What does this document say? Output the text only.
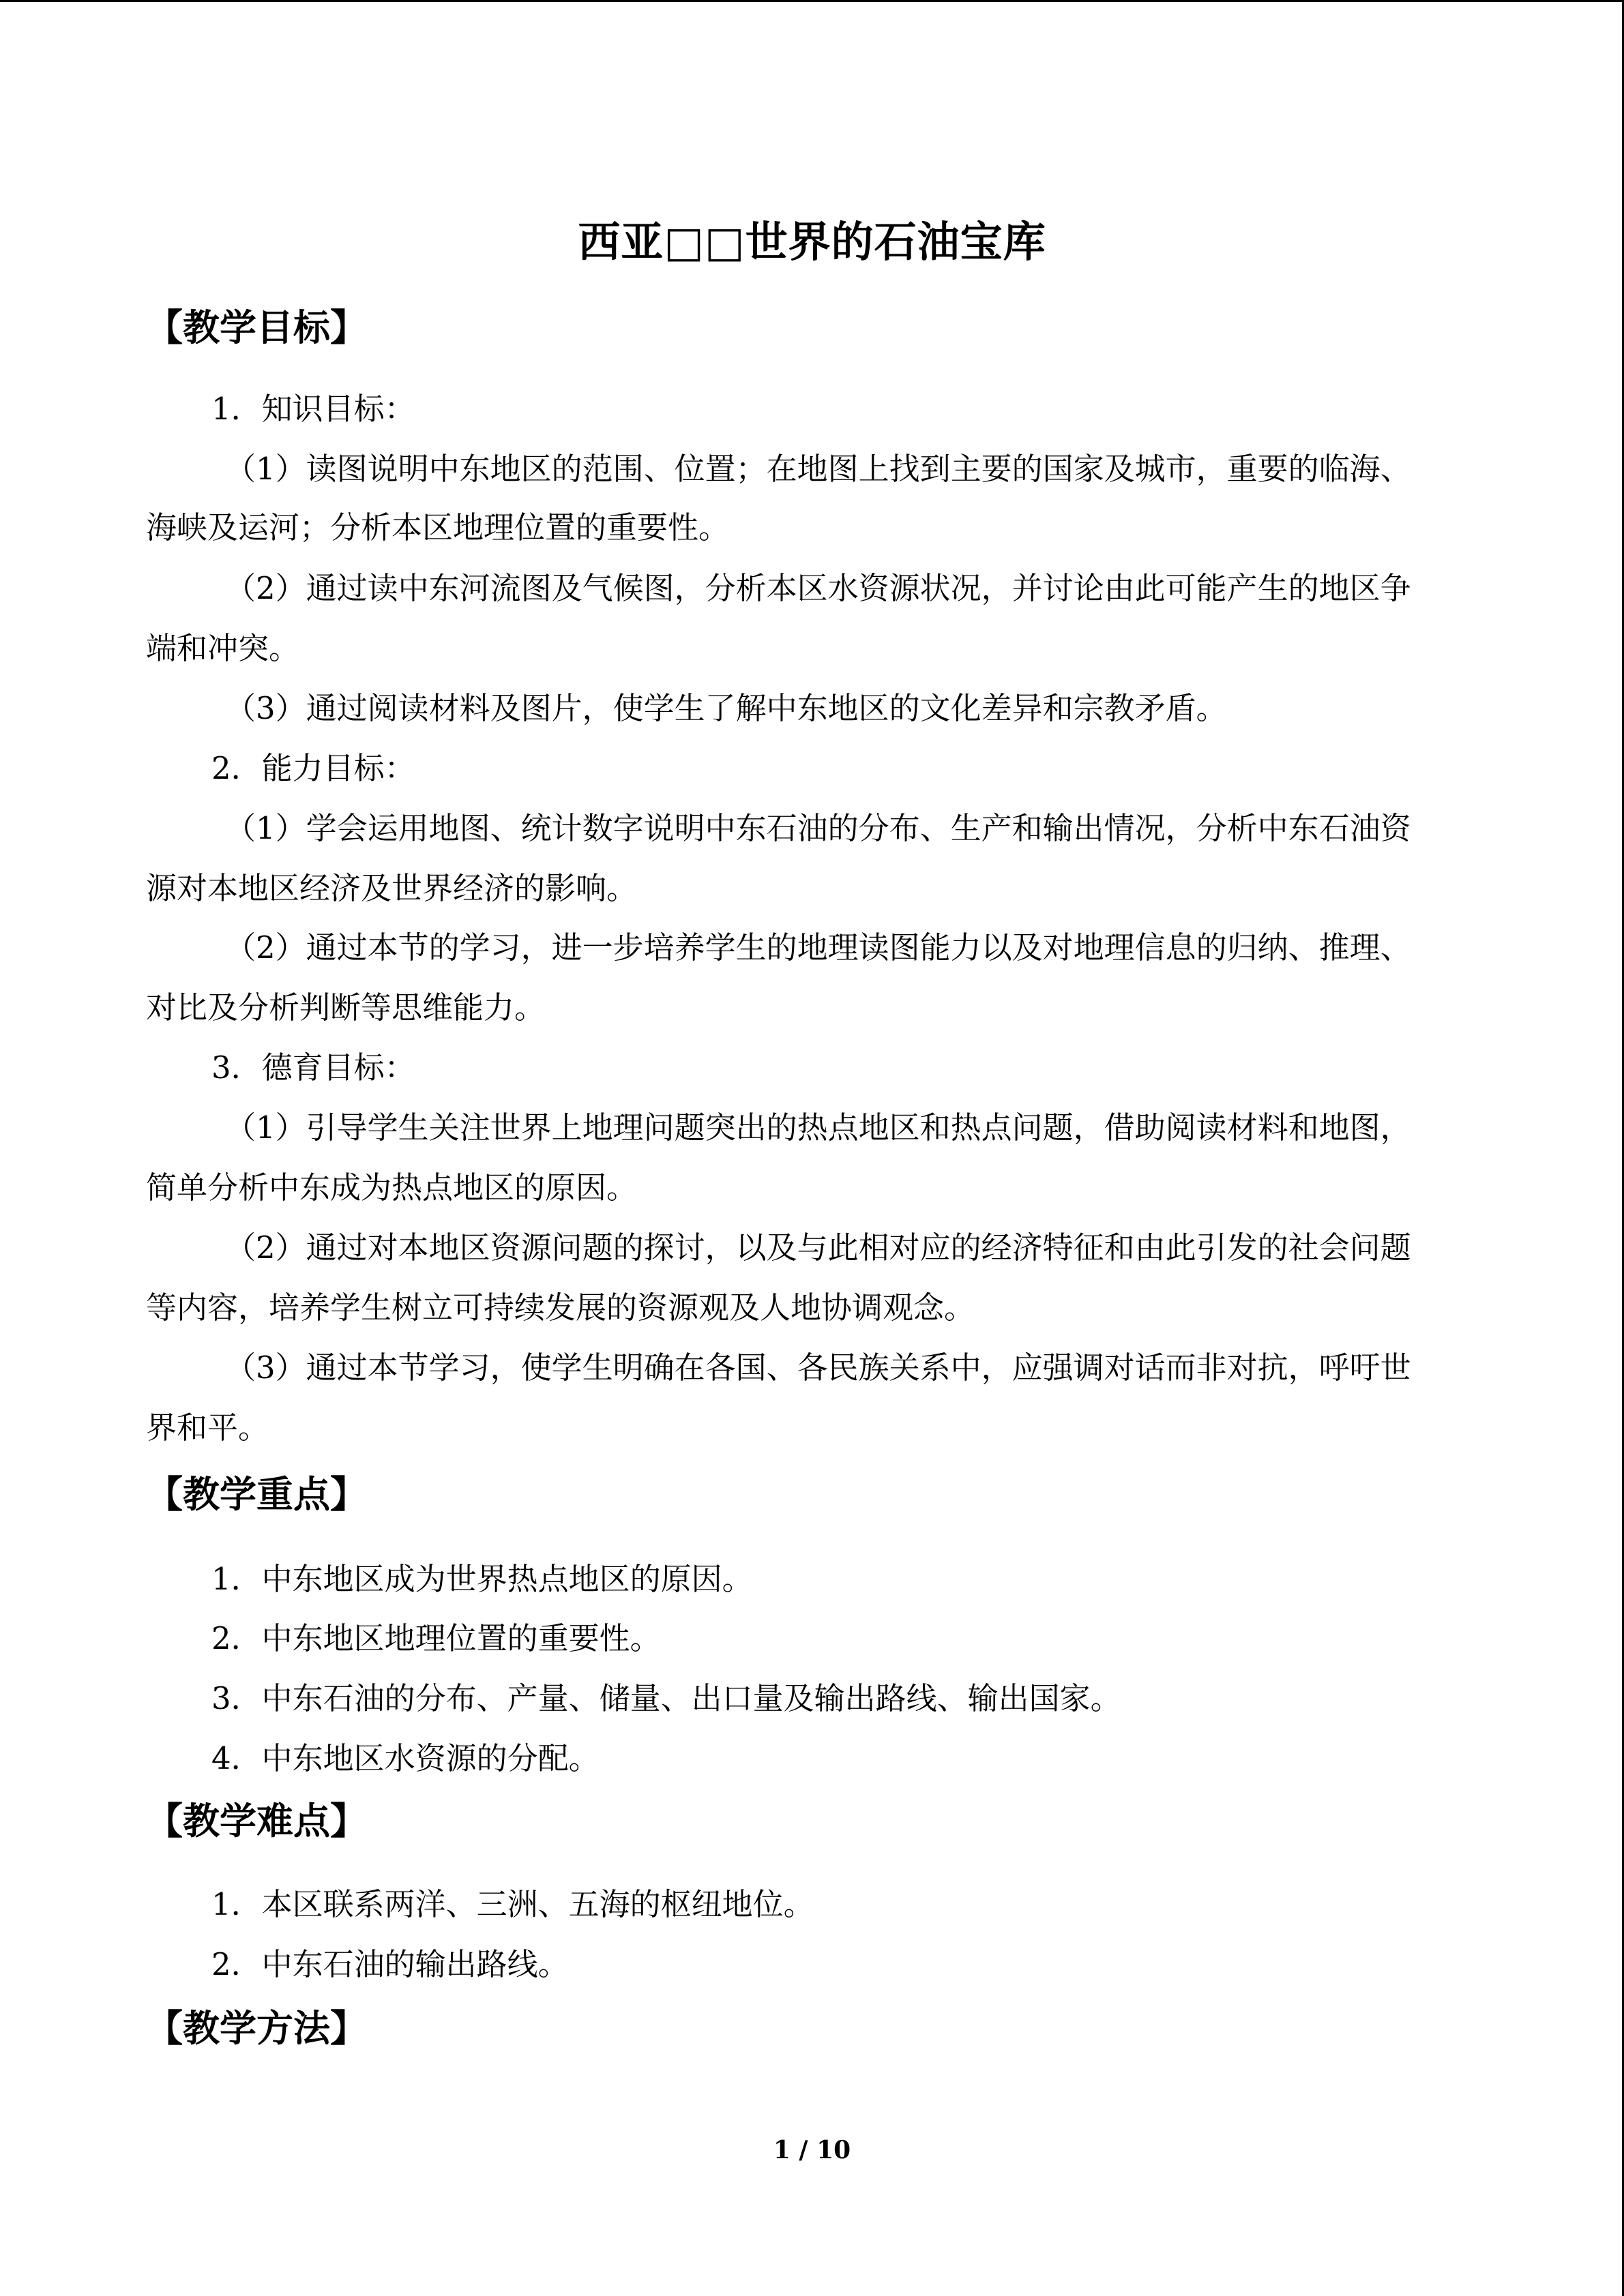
西亚□□世界的石油宝库
【教学目标】
1．知识目标：
（1）读图说明中东地区的范围、位置；在地图上找到主要的国家及城市，重要的临海、
海峡及运河；分析本区地理位置的重要性。
（2）通过读中东河流图及气候图，分析本区水资源状况，并讨论由此可能产生的地区争
端和冲突。
（3）通过阅读材料及图片，使学生了解中东地区的文化差异和宗教矛盾。
2．能力目标：
（1）学会运用地图、统计数字说明中东石油的分布、生产和输出情况，分析中东石油资
源对本地区经济及世界经济的影响。
（2）通过本节的学习，进一步培养学生的地理读图能力以及对地理信息的归纳、推理、
对比及分析判断等思维能力。
3．德育目标：
（1）引导学生关注世界上地理问题突出的热点地区和热点问题，借助阅读材料和地图，
简单分析中东成为热点地区的原因。
（2）通过对本地区资源问题的探讨，以及与此相对应的经济特征和由此引发的社会问题
等内容，培养学生树立可持续发展的资源观及人地协调观念。
（3）通过本节学习，使学生明确在各国、各民族关系中，应强调对话而非对抗，呼吁世
界和平。
【教学重点】
1．中东地区成为世界热点地区的原因。
2．中东地区地理位置的重要性。
3．中东石油的分布、产量、储量、出口量及输出路线、输出国家。
4．中东地区水资源的分配。
【教学难点】
1．本区联系两洋、三洲、五海的枢纽地位。
2．中东石油的输出路线。
【教学方法】
1 / 10
